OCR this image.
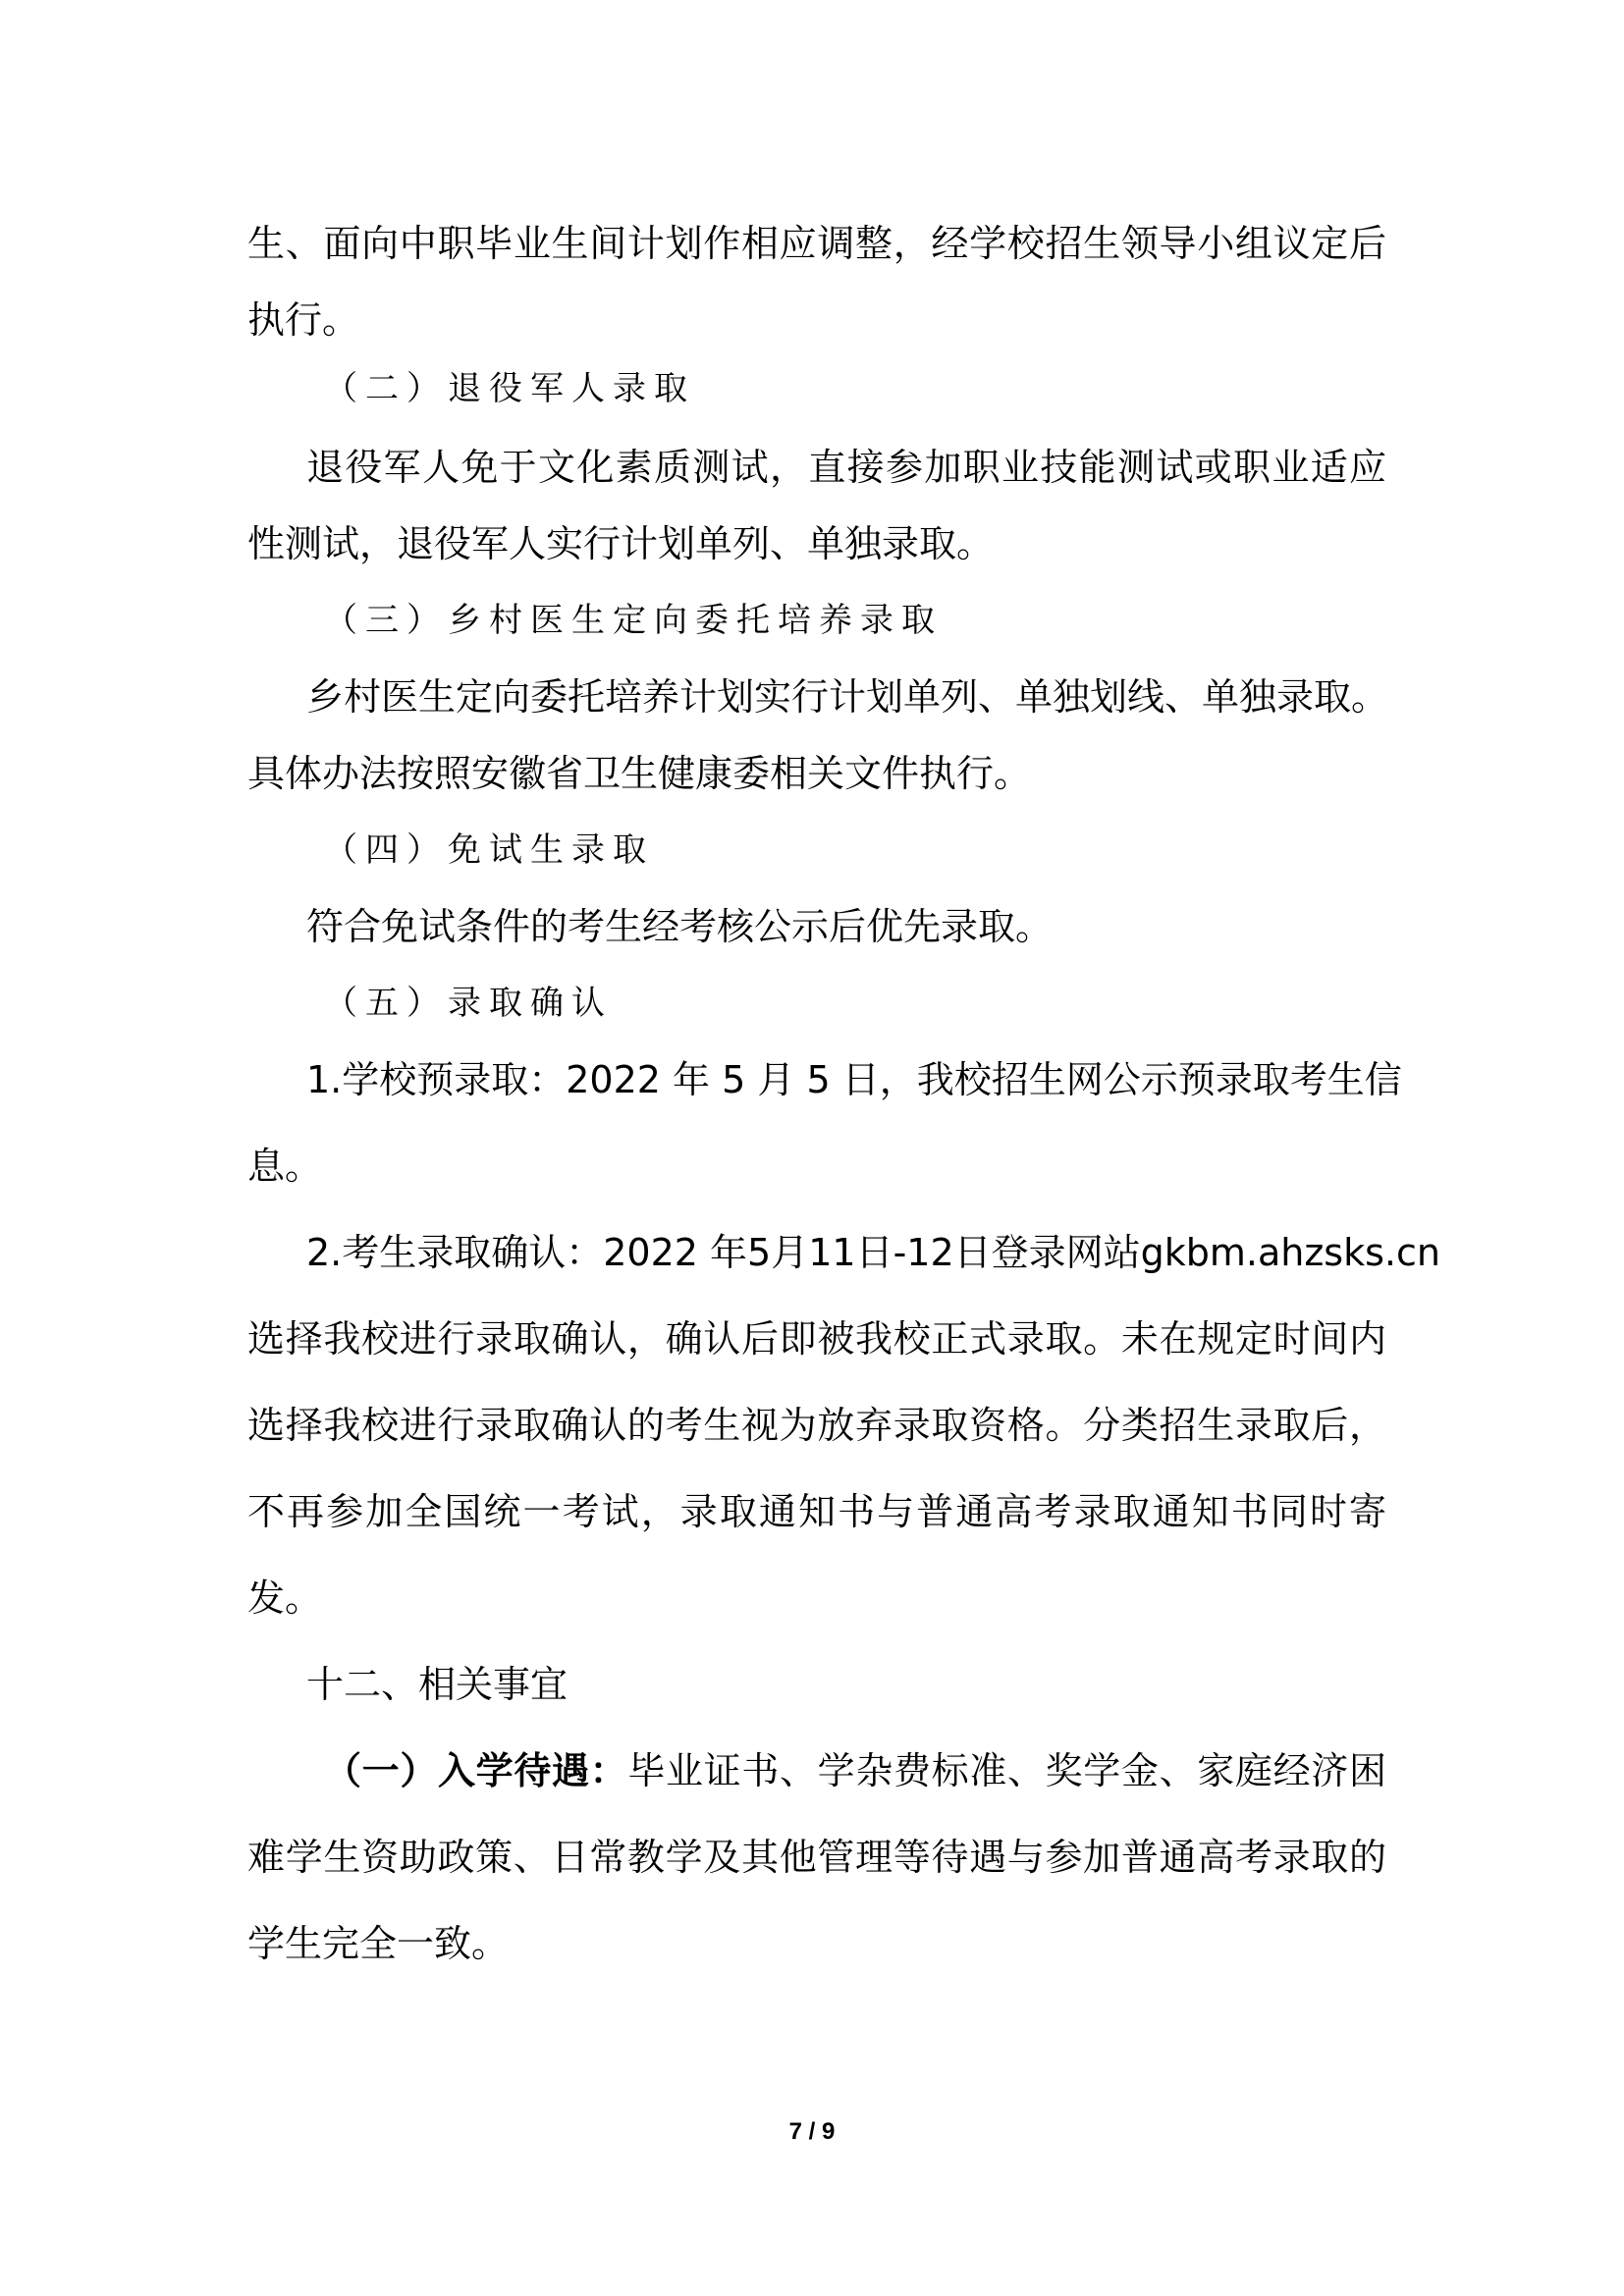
生、面向中职毕业生间计划作相应调整，经学校招生领导小组议定后

执行。

（二）退役军人录取

退役军人免于文化素质测试，直接参加职业技能测试或职业适应

性测试，退役军人实行计划单列、单独录取。

（三）乡村医生定向委托培养录取

乡村医生定向委托培养计划实行计划单列、单独划线、单独录取。

具体办法按照安徽省卫生健康委相关文件执行。

（四）免试生录取

符合免试条件的考生经考核公示后优先录取。

（五）录取确认

1.学校预录取：2022 年 5 月 5 日，我校招生网公示预录取考生信

息。

2.考生录取确认：2022 年5月11日-12日登录网站gkbm.ahzsks.cn

选择我校进行录取确认，确认后即被我校正式录取。未在规定时间内

选择我校进行录取确认的考生视为放弃录取资格。分类招生录取后，

不再参加全国统一考试，录取通知书与普通高考录取通知书同时寄

发。

十二、相关事宜

（一）入学待遇：毕业证书、学杂费标准、奖学金、家庭经济困

难学生资助政策、日常教学及其他管理等待遇与参加普通高考录取的

学生完全一致。

7 / 9
